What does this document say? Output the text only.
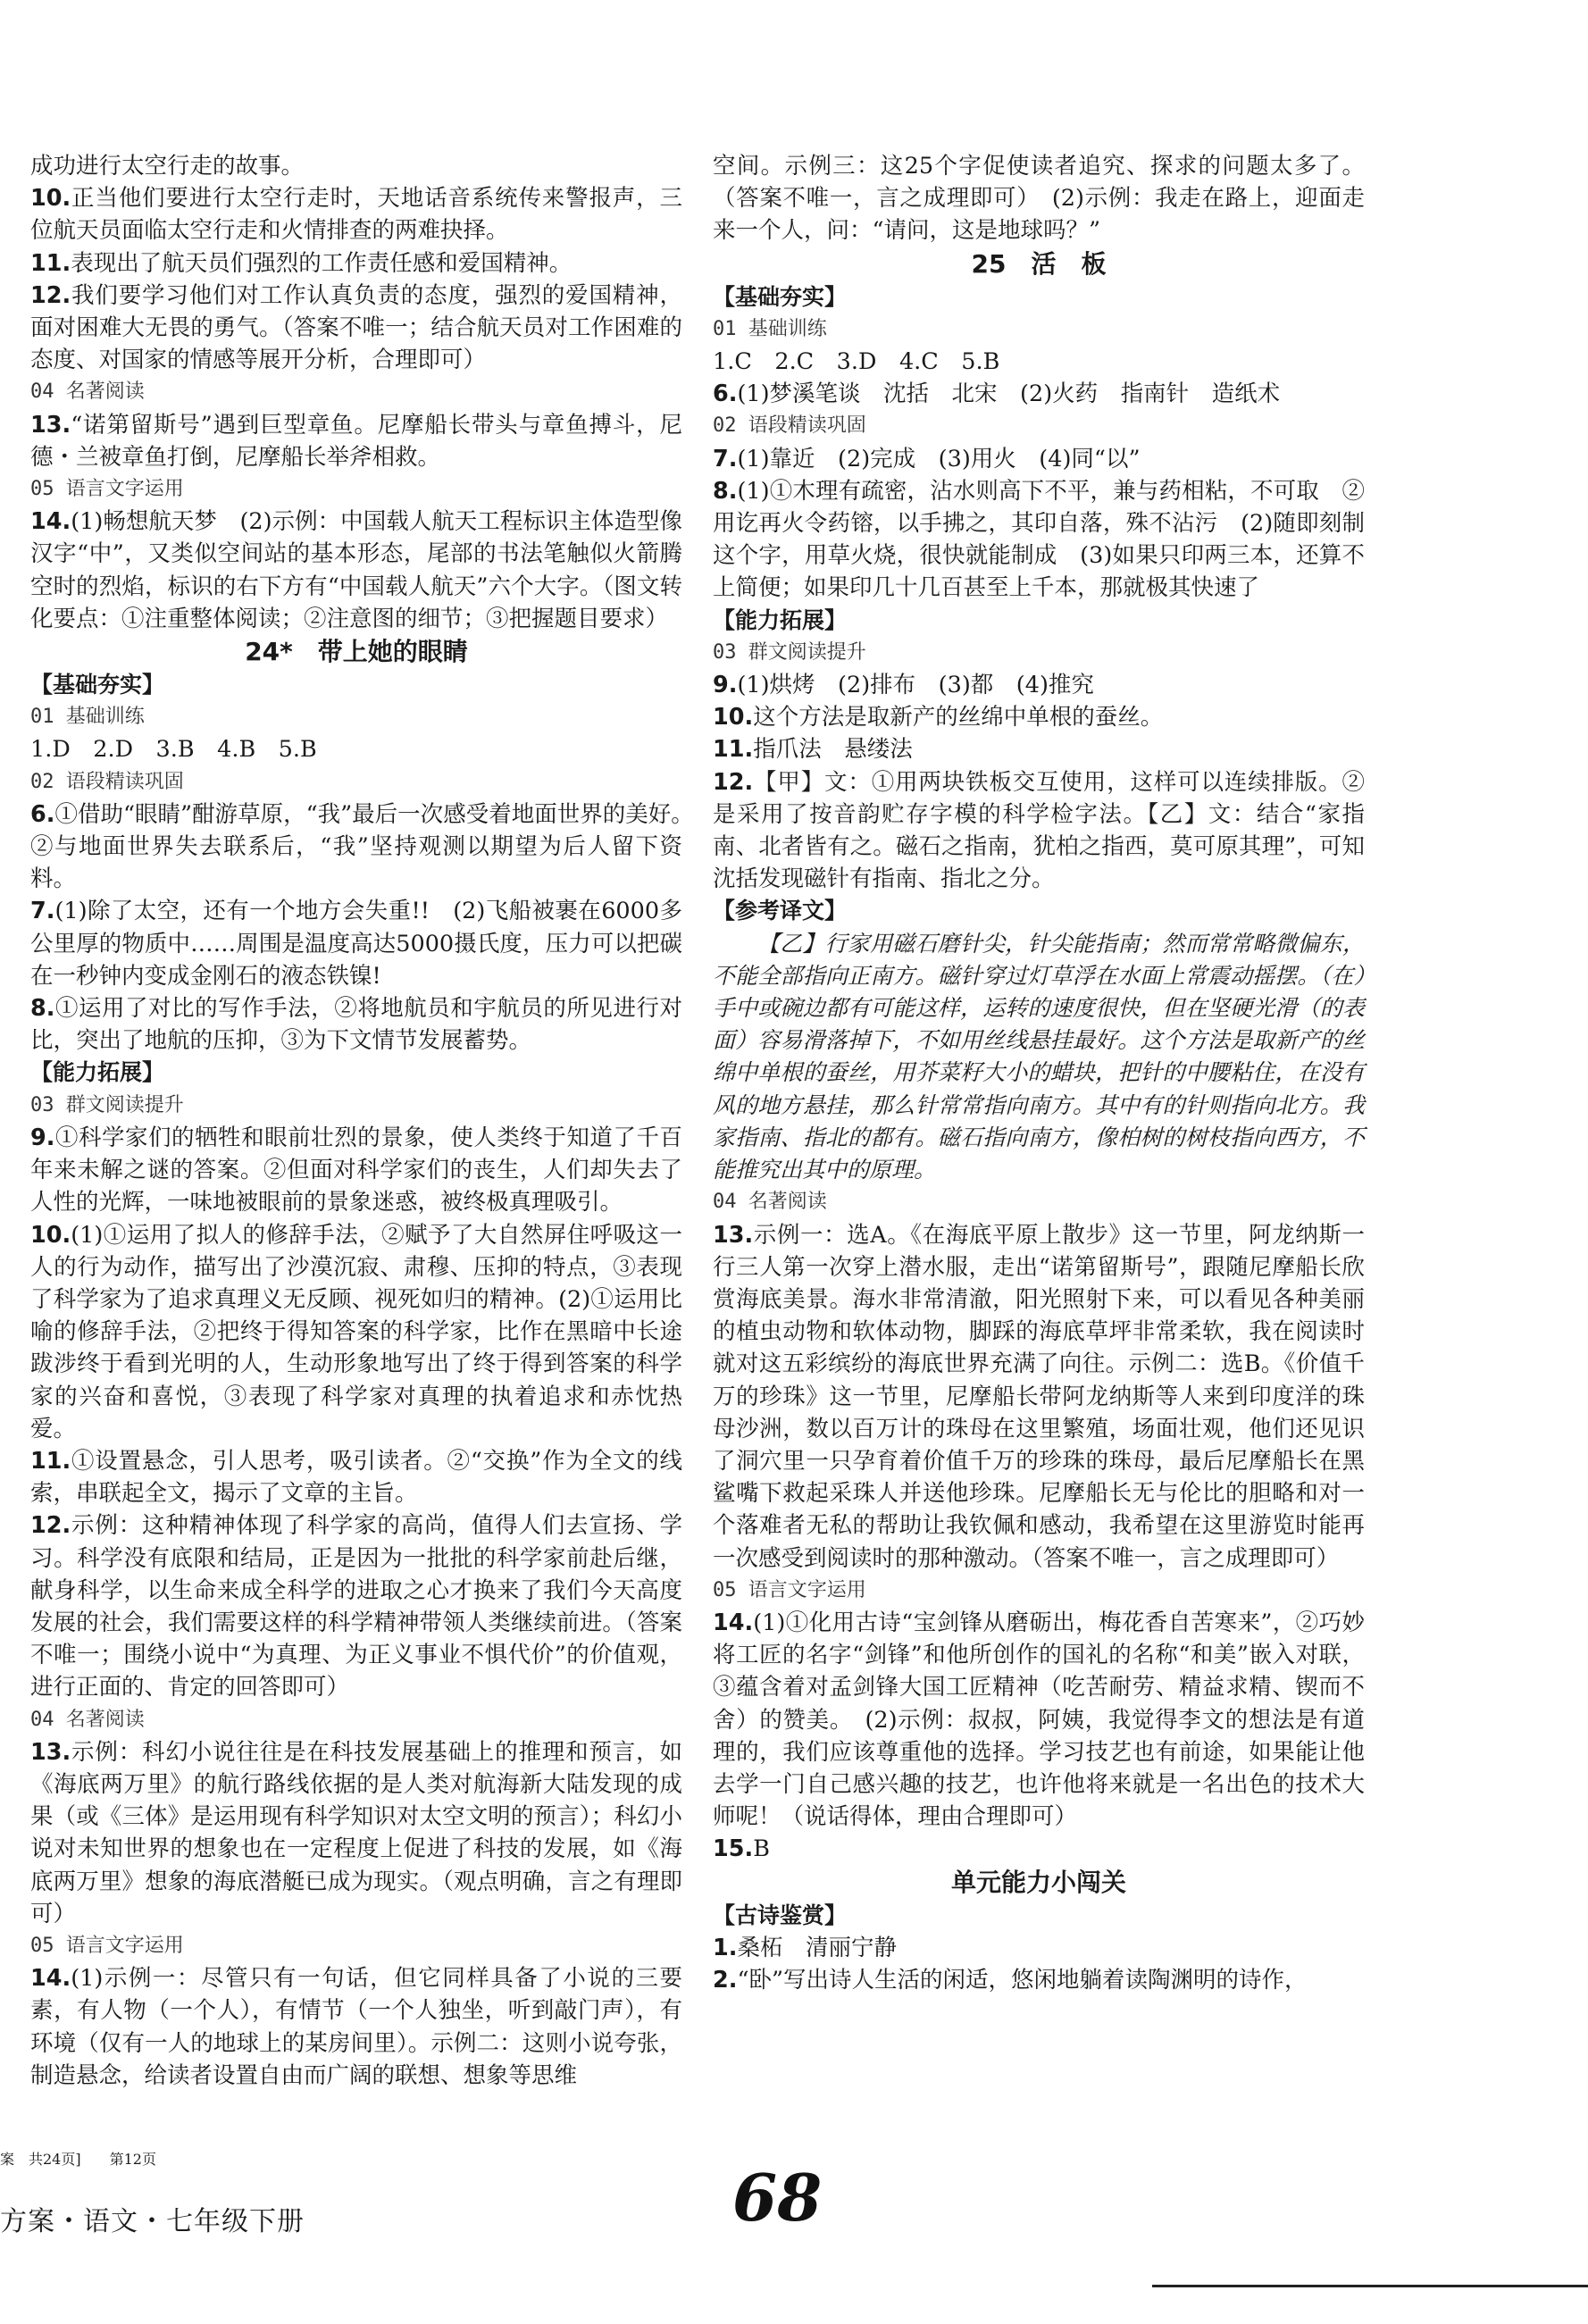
成功进行太空行走的故事。

10.正当他们要进行太空行走时，天地话音系统传来警报声，三位航天员面临太空行走和火情排查的两难抉择。

11.表现出了航天员们强烈的工作责任感和爱国精神。

12.我们要学习他们对工作认真负责的态度，强烈的爱国精神，面对困难大无畏的勇气。（答案不唯一；结合航天员对工作困难的态度、对国家的情感等展开分析，合理即可）

04 名著阅读

13.“诺第留斯号”遇到巨型章鱼。尼摩船长带头与章鱼搏斗，尼德・兰被章鱼打倒，尼摩船长举斧相救。

05 语言文字运用

14.(1)畅想航天梦　(2)示例：中国载人航天工程标识主体造型像汉字“中”，又类似空间站的基本形态，尾部的书法笔触似火箭腾空时的烈焰，标识的右下方有“中国载人航天”六个大字。（图文转化要点：①注重整体阅读；②注意图的细节；③把握题目要求）

24*　带上她的眼睛

【基础夯实】

01 基础训练

1.D　2.D　3.B　4.B　5.B

02 语段精读巩固

6.①借助“眼睛”酣游草原，“我”最后一次感受着地面世界的美好。　②与地面世界失去联系后，“我”坚持观测以期望为后人留下资料。

7.(1)除了太空，还有一个地方会失重!!　(2)飞船被裹在6000多公里厚的物质中……周围是温度高达5000摄氏度，压力可以把碳在一秒钟内变成金刚石的液态铁镍!

8.①运用了对比的写作手法，②将地航员和宇航员的所见进行对比，突出了地航的压抑，③为下文情节发展蓄势。

【能力拓展】

03 群文阅读提升

9.①科学家们的牺牲和眼前壮烈的景象，使人类终于知道了千百年来未解之谜的答案。②但面对科学家们的丧生，人们却失去了人性的光辉，一味地被眼前的景象迷惑，被终极真理吸引。

10.(1)①运用了拟人的修辞手法，②赋予了大自然屏住呼吸这一人的行为动作，描写出了沙漠沉寂、肃穆、压抑的特点，③表现了科学家为了追求真理义无反顾、视死如归的精神。(2)①运用比喻的修辞手法，②把终于得知答案的科学家，比作在黑暗中长途跋涉终于看到光明的人，生动形象地写出了终于得到答案的科学家的兴奋和喜悦，③表现了科学家对真理的执着追求和赤忱热爱。

11.①设置悬念，引人思考，吸引读者。②“交换”作为全文的线索，串联起全文，揭示了文章的主旨。

12.示例：这种精神体现了科学家的高尚，值得人们去宣扬、学习。科学没有底限和结局，正是因为一批批的科学家前赴后继，献身科学，以生命来成全科学的进取之心才换来了我们今天高度发展的社会，我们需要这样的科学精神带领人类继续前进。（答案不唯一；围绕小说中“为真理、为正义事业不惧代价”的价值观，进行正面的、肯定的回答即可）

04 名著阅读

13.示例：科幻小说往往是在科技发展基础上的推理和预言，如《海底两万里》的航行路线依据的是人类对航海新大陆发现的成果（或《三体》是运用现有科学知识对太空文明的预言）；科幻小说对未知世界的想象也在一定程度上促进了科技的发展，如《海底两万里》想象的海底潜艇已成为现实。（观点明确，言之有理即可）

05 语言文字运用

14.(1)示例一：尽管只有一句话，但它同样具备了小说的三要素，有人物（一个人），有情节（一个人独坐，听到敲门声），有环境（仅有一人的地球上的某房间里）。示例二：这则小说夸张，制造悬念，给读者设置自由而广阔的联想、想象等思维

空间。示例三：这25个字促使读者追究、探求的问题太多了。（答案不唯一，言之成理即可）　(2)示例：我走在路上，迎面走来一个人，问：“请问，这是地球吗？”

25　活　板

【基础夯实】

01 基础训练

1.C　2.C　3.D　4.C　5.B

6.(1)梦溪笔谈　沈括　北宋　(2)火药　指南针　造纸术

02 语段精读巩固

7.(1)靠近　(2)完成　(3)用火　(4)同“以”

8.(1)①木理有疏密，沾水则高下不平，兼与药相粘，不可取　②用讫再火令药镕，以手拂之，其印自落，殊不沾污　(2)随即刻制这个字，用草火烧，很快就能制成　(3)如果只印两三本，还算不上简便；如果印几十几百甚至上千本，那就极其快速了

【能力拓展】

03 群文阅读提升

9.(1)烘烤　(2)排布　(3)都　(4)推究

10.这个方法是取新产的丝绵中单根的蚕丝。

11.指爪法　悬缕法

12.【甲】文：①用两块铁板交互使用，这样可以连续排版。②是采用了按音韵贮存字模的科学检字法。【乙】文：结合“家指南、北者皆有之。磁石之指南，犹柏之指西，莫可原其理”，可知沈括发现磁针有指南、指北之分。

【参考译文】

【乙】行家用磁石磨针尖，针尖能指南；然而常常略微偏东，不能全部指向正南方。磁针穿过灯草浮在水面上常震动摇摆。（在）手中或碗边都有可能这样，运转的速度很快，但在坚硬光滑（的表面）容易滑落掉下，不如用丝线悬挂最好。这个方法是取新产的丝绵中单根的蚕丝，用芥菜籽大小的蜡块，把针的中腰粘住，在没有风的地方悬挂，那么针常常指向南方。其中有的针则指向北方。我家指南、指北的都有。磁石指向南方，像柏树的树枝指向西方，不能推究出其中的原理。

04 名著阅读

13.示例一：选A。《在海底平原上散步》这一节里，阿龙纳斯一行三人第一次穿上潜水服，走出“诺第留斯号”，跟随尼摩船长欣赏海底美景。海水非常清澈，阳光照射下来，可以看见各种美丽的植虫动物和软体动物，脚踩的海底草坪非常柔软，我在阅读时就对这五彩缤纷的海底世界充满了向往。示例二：选B。《价值千万的珍珠》这一节里，尼摩船长带阿龙纳斯等人来到印度洋的珠母沙洲，数以百万计的珠母在这里繁殖，场面壮观，他们还见识了洞穴里一只孕育着价值千万的珍珠的珠母，最后尼摩船长在黑鲨嘴下救起采珠人并送他珍珠。尼摩船长无与伦比的胆略和对一个落难者无私的帮助让我钦佩和感动，我希望在这里游览时能再一次感受到阅读时的那种激动。（答案不唯一，言之成理即可）

05 语言文字运用

14.(1)①化用古诗“宝剑锋从磨砺出，梅花香自苦寒来”，②巧妙将工匠的名字“剑锋”和他所创作的国礼的名称“和美”嵌入对联，③蕴含着对孟剑锋大国工匠精神（吃苦耐劳、精益求精、锲而不舍）的赞美。　(2)示例：叔叔，阿姨，我觉得李文的想法是有道理的，我们应该尊重他的选择。学习技艺也有前途，如果能让他去学一门自己感兴趣的技艺，也许他将来就是一名出色的技术大师呢！（说话得体，理由合理即可）

15.B

单元能力小闯关

【古诗鉴赏】

1.桑柘　清丽宁静

2.“卧”写出诗人生活的闲适，悠闲地躺着读陶渊明的诗作，

案　共24页]　　第12页
方案・语文・七年级下册	68
